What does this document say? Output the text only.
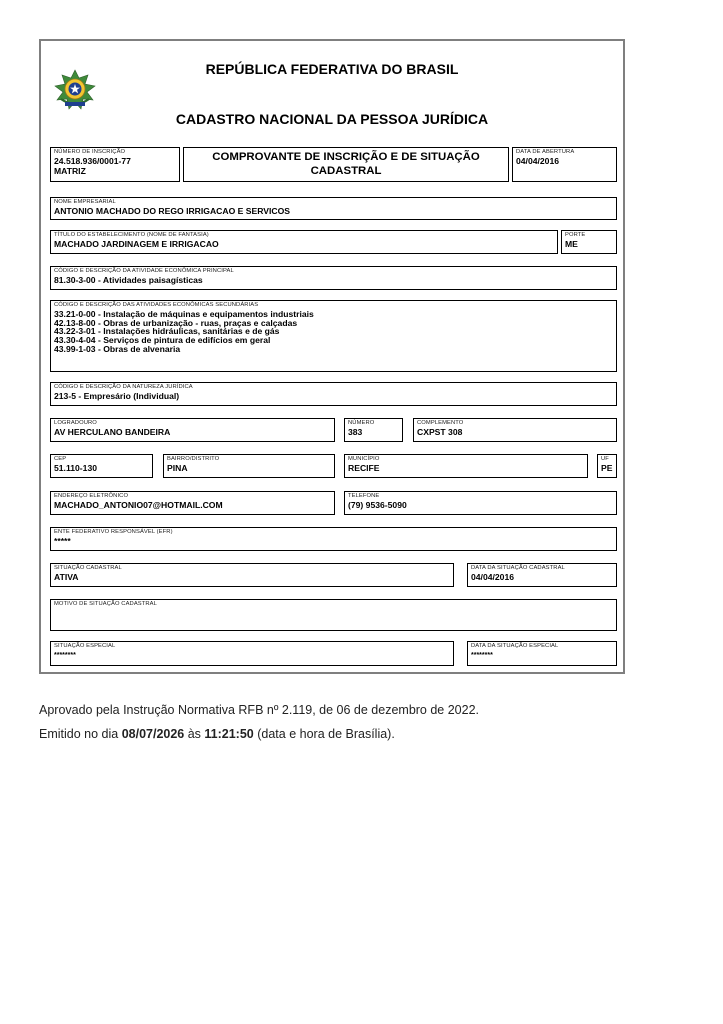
REPÚBLICA FEDERATIVA DO BRASIL
CADASTRO NACIONAL DA PESSOA JURÍDICA
NÚMERO DE INSCRIÇÃO
24.518.936/0001-77
MATRIZ
COMPROVANTE DE INSCRIÇÃO E DE SITUAÇÃO
CADASTRAL
DATA DE ABERTURA
04/04/2016
NOME EMPRESARIAL
ANTONIO MACHADO DO REGO IRRIGACAO E SERVICOS
TÍTULO DO ESTABELECIMENTO (NOME DE FANTASIA)
MACHADO JARDINAGEM E IRRIGACAO
PORTE
ME
CÓDIGO E DESCRIÇÃO DA ATIVIDADE ECONÔMICA PRINCIPAL
81.30-3-00 - Atividades paisagísticas
CÓDIGO E DESCRIÇÃO DAS ATIVIDADES ECONÔMICAS SECUNDÁRIAS
33.21-0-00 - Instalação de máquinas e equipamentos industriais
42.13-8-00 - Obras de urbanização - ruas, praças e calçadas
43.22-3-01 - Instalações hidráulicas, sanitárias e de gás
43.30-4-04 - Serviços de pintura de edifícios em geral
43.99-1-03 - Obras de alvenaria
CÓDIGO E DESCRIÇÃO DA NATUREZA JURÍDICA
213-5 - Empresário (Individual)
LOGRADOURO
AV HERCULANO BANDEIRA
NÚMERO
383
COMPLEMENTO
CXPST 308
CEP
51.110-130
BAIRRO/DISTRITO
PINA
MUNICÍPIO
RECIFE
UF
PE
ENDEREÇO ELETRÔNICO
MACHADO_ANTONIO07@HOTMAIL.COM
TELEFONE
(79) 9536-5090
ENTE FEDERATIVO RESPONSÁVEL (EFR)
*****
SITUAÇÃO CADASTRAL
ATIVA
DATA DA SITUAÇÃO CADASTRAL
04/04/2016
MOTIVO DE SITUAÇÃO CADASTRAL
SITUAÇÃO ESPECIAL
********
DATA DA SITUAÇÃO ESPECIAL
********
Aprovado pela Instrução Normativa RFB nº 2.119, de 06 de dezembro de 2022.
Emitido no dia 08/07/2026 às 11:21:50 (data e hora de Brasília).
